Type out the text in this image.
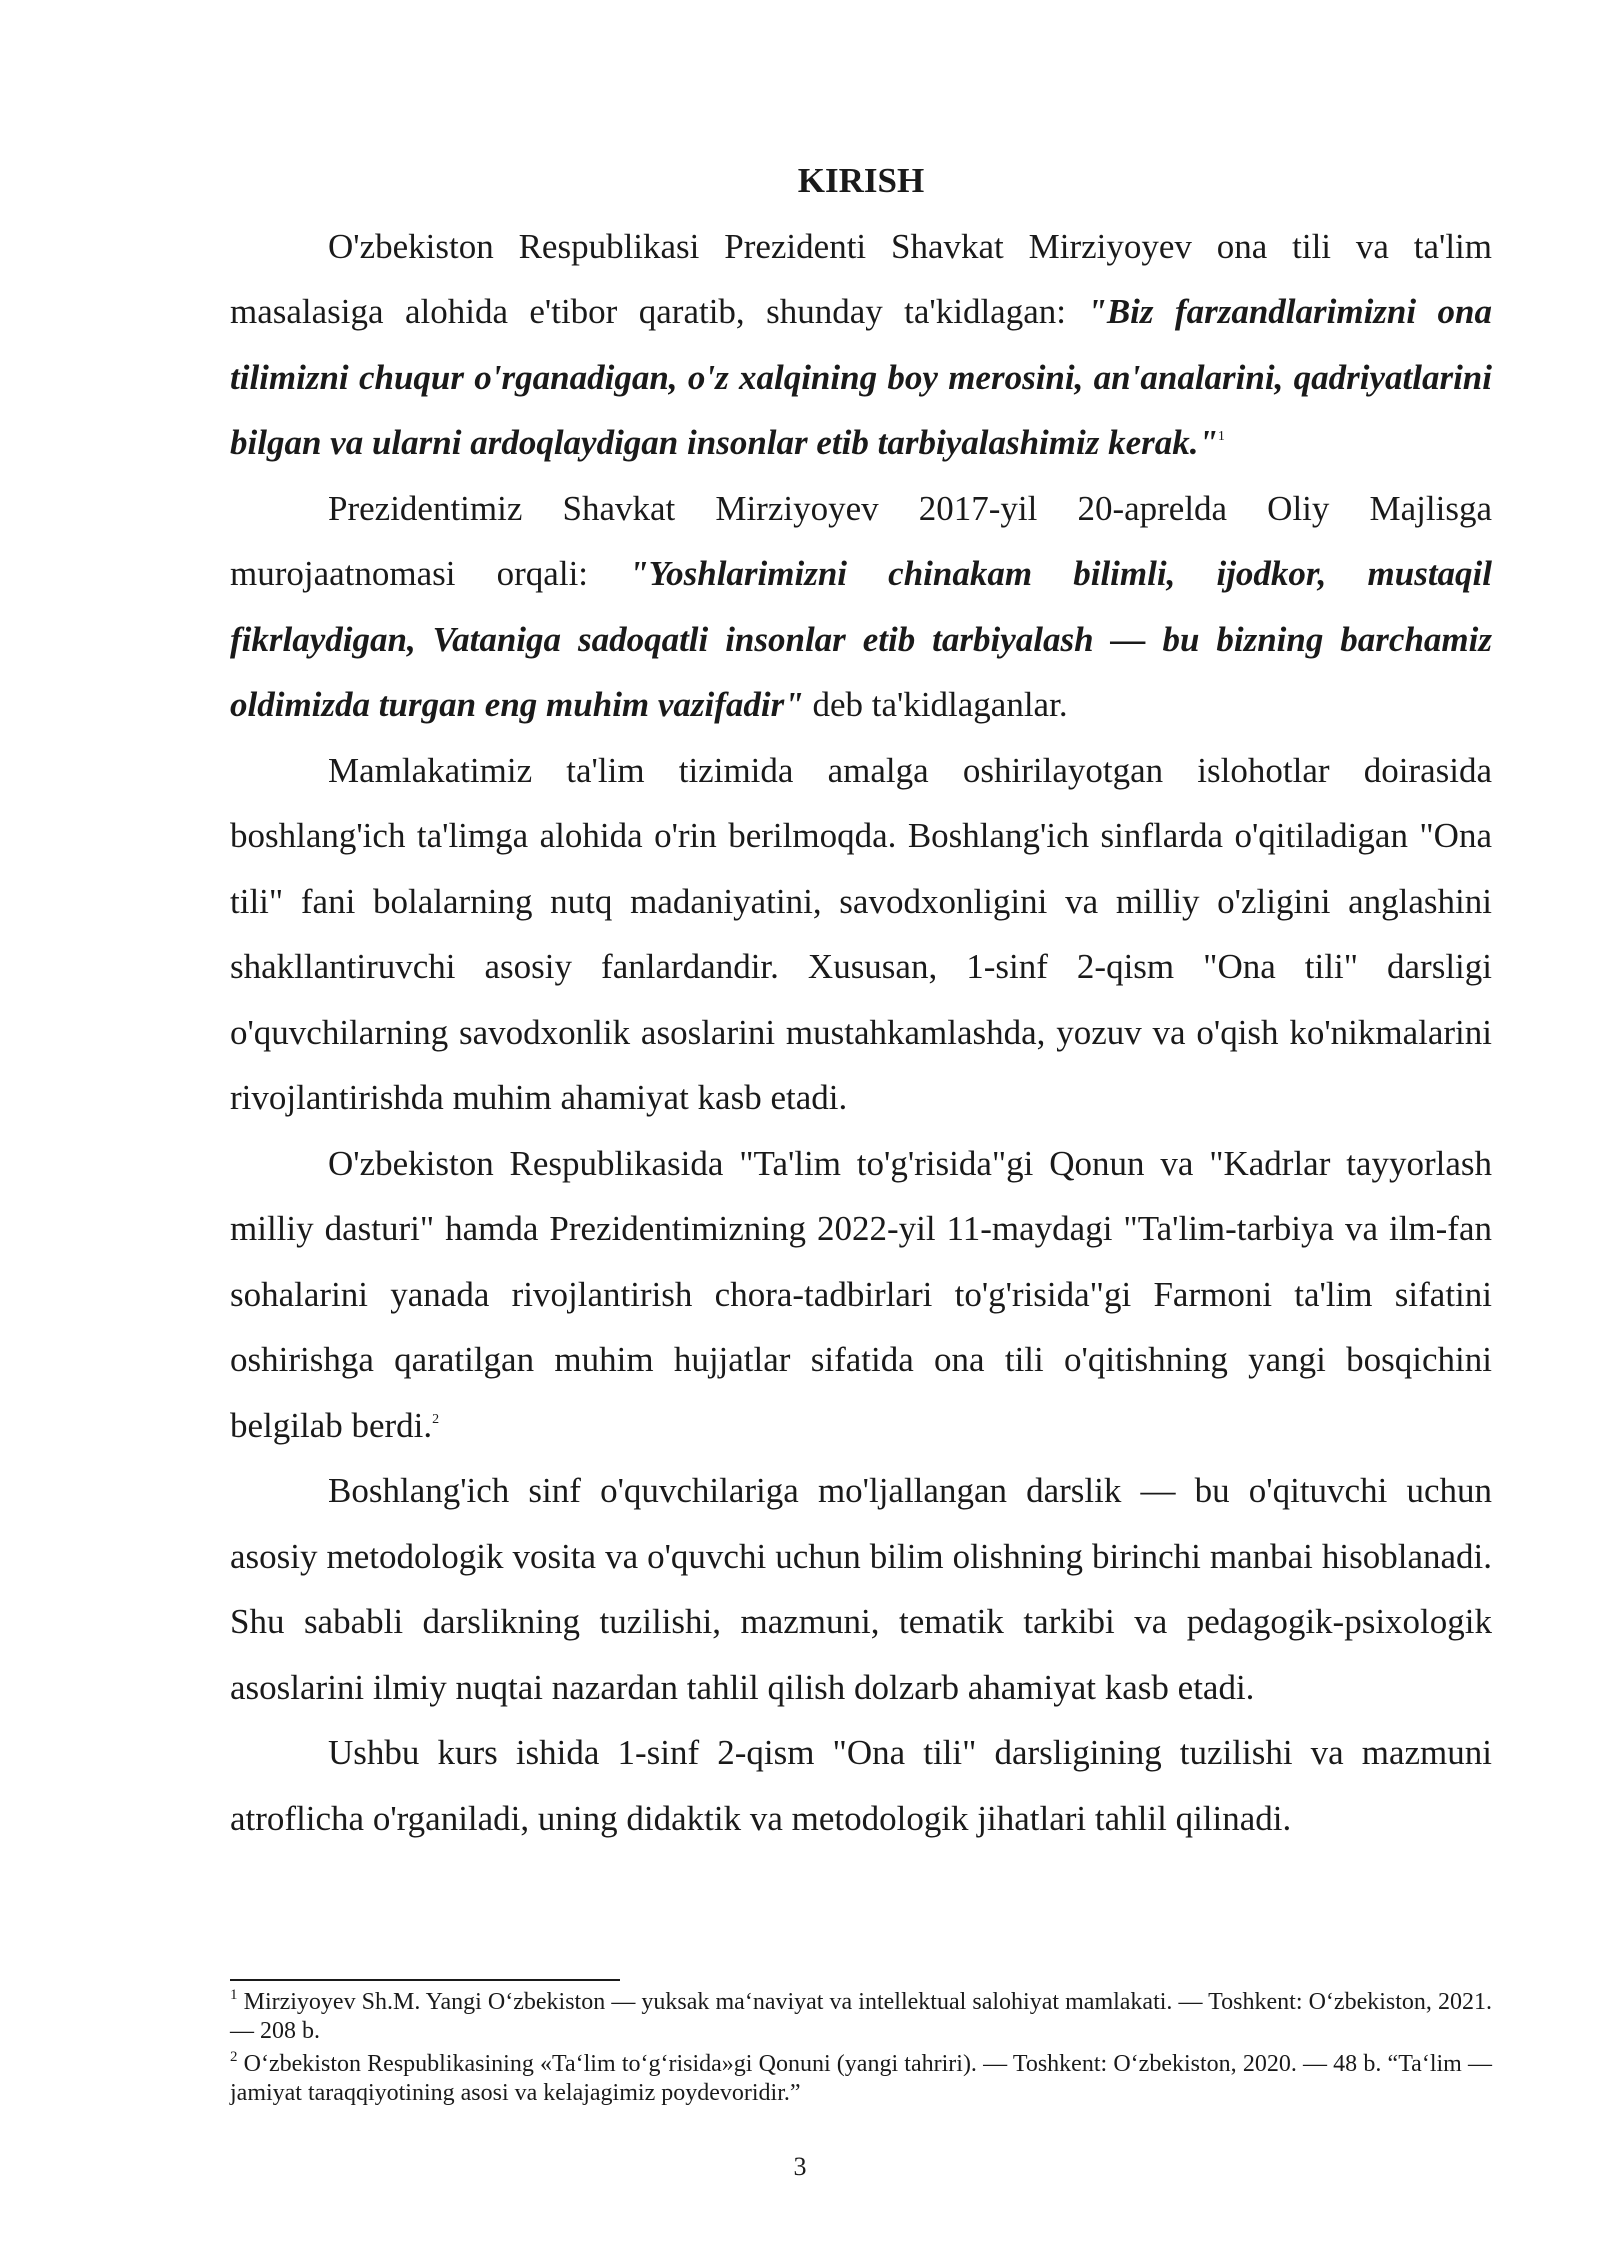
KIRISH

O'zbekiston Respublikasi Prezidenti Shavkat Mirziyoyev ona tili va ta'lim masalasiga alohida e'tibor qaratib, shunday ta'kidlagan: "Biz farzandlarimizni ona tilimizni chuqur o'rganadigan, o'z xalqining boy merosini, an'analarini, qadriyatlarini bilgan va ularni ardoqlaydigan insonlar etib tarbiyalashimiz kerak."$^1$

Prezidentimiz Shavkat Mirziyoyev 2017-yil 20-aprelda Oliy Majlisga murojaatnomasi orqali: "Yoshlarimizni chinakam bilimli, ijodkor, mustaqil fikrlaydigan, Vataniga sadoqatli insonlar etib tarbiyalash — bu bizning barchamiz oldimizda turgan eng muhim vazifadir" deb ta'kidlaganlar.

Mamlakatimiz ta'lim tizimida amalga oshirilayotgan islohotlar doirasida boshlang'ich ta'limga alohida o'rin berilmoqda. Boshlang'ich sinflarda o'qitiladigan "Ona tili" fani bolalarning nutq madaniyatini, savodxonligini va milliy o'zligini anglashini shakllantiruvchi asosiy fanlardandir. Xususan, 1-sinf 2-qism "Ona tili" darsligi o'quvchilarning savodxonlik asoslarini mustahkamlashda, yozuv va o'qish ko'nikmalarini rivojlantirishda muhim ahamiyat kasb etadi.

O'zbekiston Respublikasida "Ta'lim to'g'risida"gi Qonun va "Kadrlar tayyorlash milliy dasturi" hamda Prezidentimizning 2022-yil 11-maydagi "Ta'lim-tarbiya va ilm-fan sohalarini yanada rivojlantirish chora-tadbirlari to'g'risida"gi Farmoni ta'lim sifatini oshirishga qaratilgan muhim hujjatlar sifatida ona tili o'qitishning yangi bosqichini belgilab berdi.$^2$

Boshlang'ich sinf o'quvchilariga mo'ljallangan darslik — bu o'qituvchi uchun asosiy metodologik vosita va o'quvchi uchun bilim olishning birinchi manbai hisoblanadi. Shu sababli darslikning tuzilishi, mazmuni, tematik tarkibi va pedagogik-psixologik asoslarini ilmiy nuqtai nazardan tahlil qilish dolzarb ahamiyat kasb etadi.

Ushbu kurs ishida 1-sinf 2-qism "Ona tili" darsligining tuzilishi va mazmuni atroflicha o'rganiladi, uning didaktik va metodologik jihatlari tahlil qilinadi.

$^1$ Mirziyoyev Sh.M. Yangi O‘zbekiston — yuksak ma‘naviyat va intellektual salohiyat mamlakati. — Toshkent: O‘zbekiston, 2021. — 208 b.

$^2$ O‘zbekiston Respublikasining «Ta‘lim to‘g‘risida»gi Qonuni (yangi tahriri). — Toshkent: O‘zbekiston, 2020. — 48 b. “Ta‘lim — jamiyat taraqqiyotining asosi va kelajagimiz poydevoridir.”

3
